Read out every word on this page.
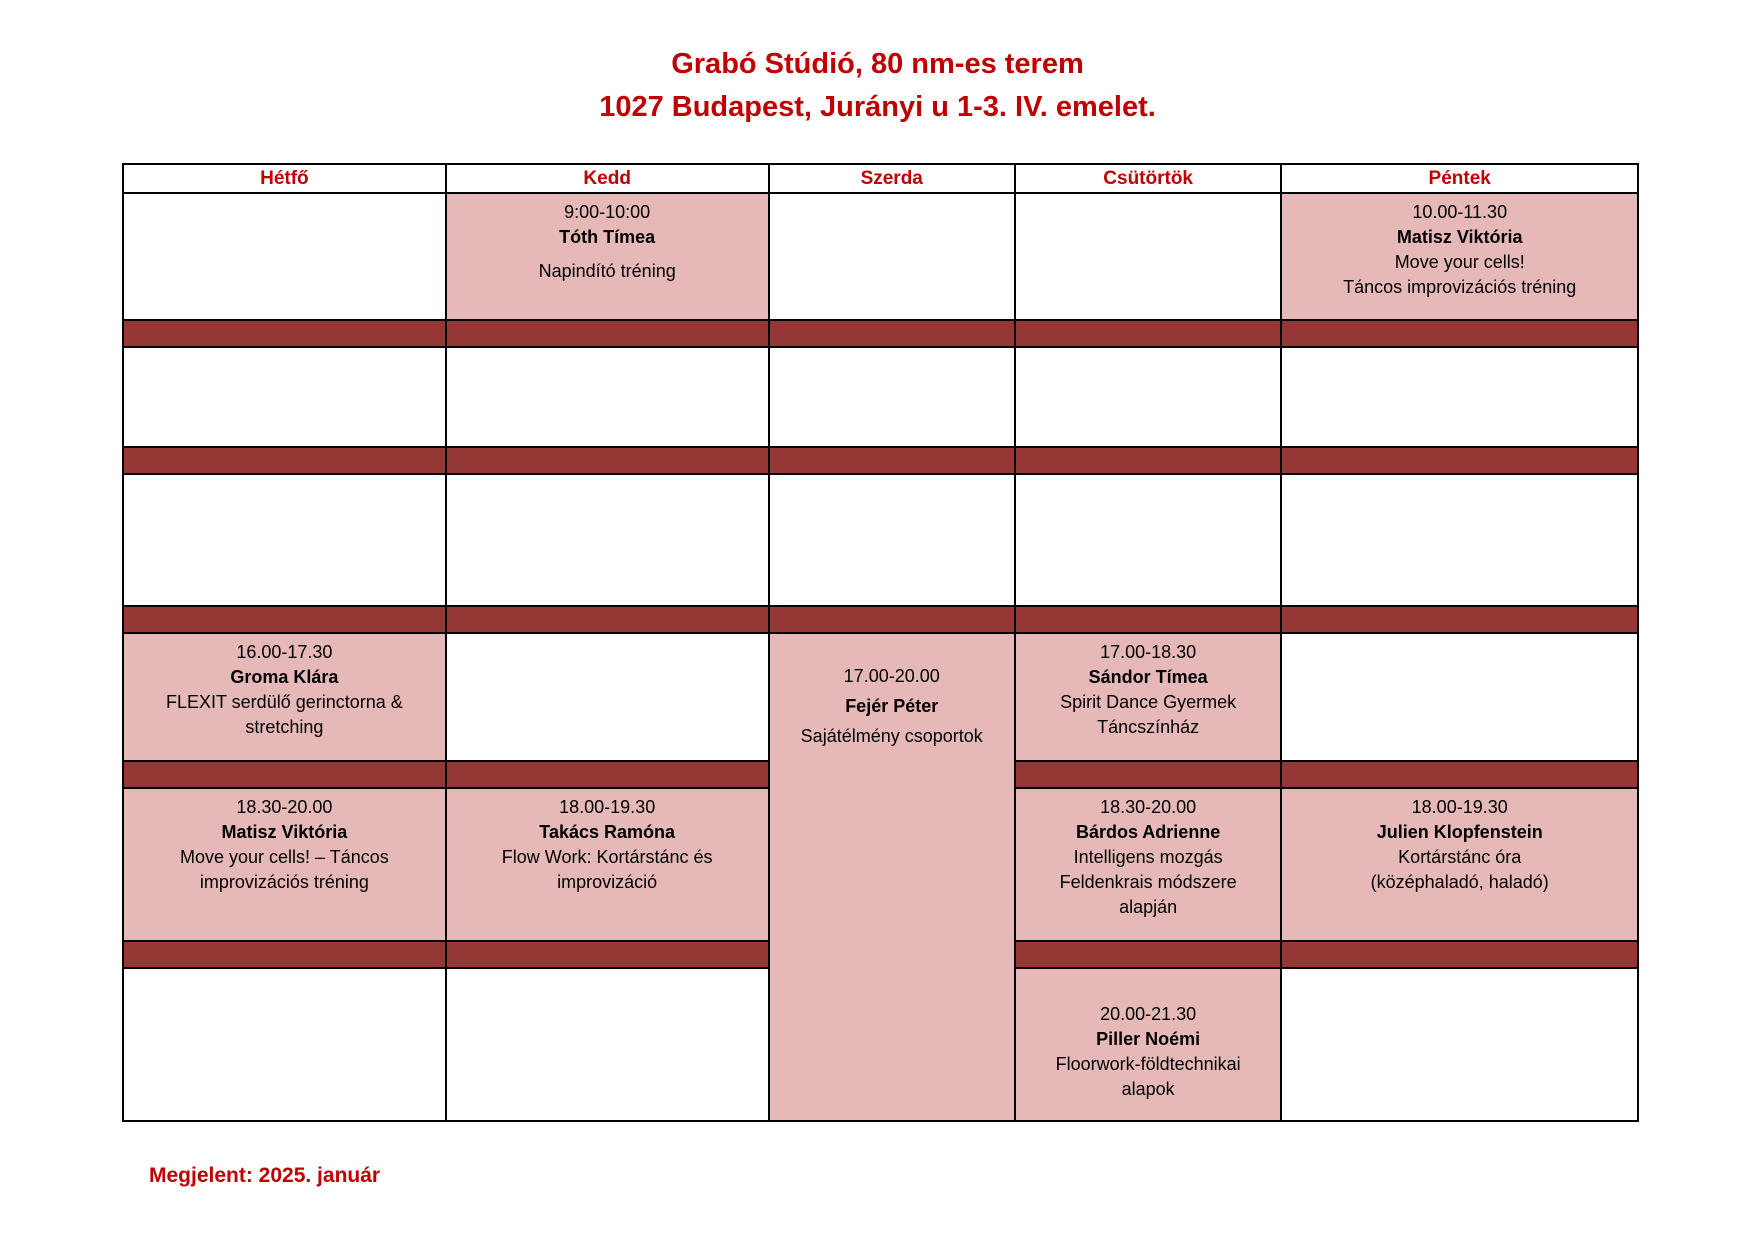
Grabó Stúdió, 80 nm-es terem
1027 Budapest, Jurányi u 1-3. IV. emelet.
Hétfő	Kedd	Szerda	Csütörtök	Péntek

	9:00-10:00
Tóth Tímea
Napindító tréning			10.00-11.30
Matisz Viktória
Move your cells!
Táncos improvizációs tréning

16.00-17.30
Groma Klára
FLEXIT serdülő gerinctorna &
stretching		17.00-20.00
Fejér Péter
Sajátélmény csoportok	17.00-18.30
Sándor Tímea
Spirit Dance Gyermek
Táncszínház	

18.30-20.00
Matisz Viktória
Move your cells! – Táncos
improvizációs tréning	18.00-19.30
Takács Ramóna
Flow Work: Kortárstánc és
improvizáció		18.30-20.00
Bárdos Adrienne
Intelligens mozgás
Feldenkrais módszere
alapján	18.00-19.30
Julien Klopfenstein
Kortárstánc óra
(középhaladó, haladó)

			20.00-21.30
Piller Noémi
Floorwork-földtechnikai
alapok	

Megjelent: 2025. január
